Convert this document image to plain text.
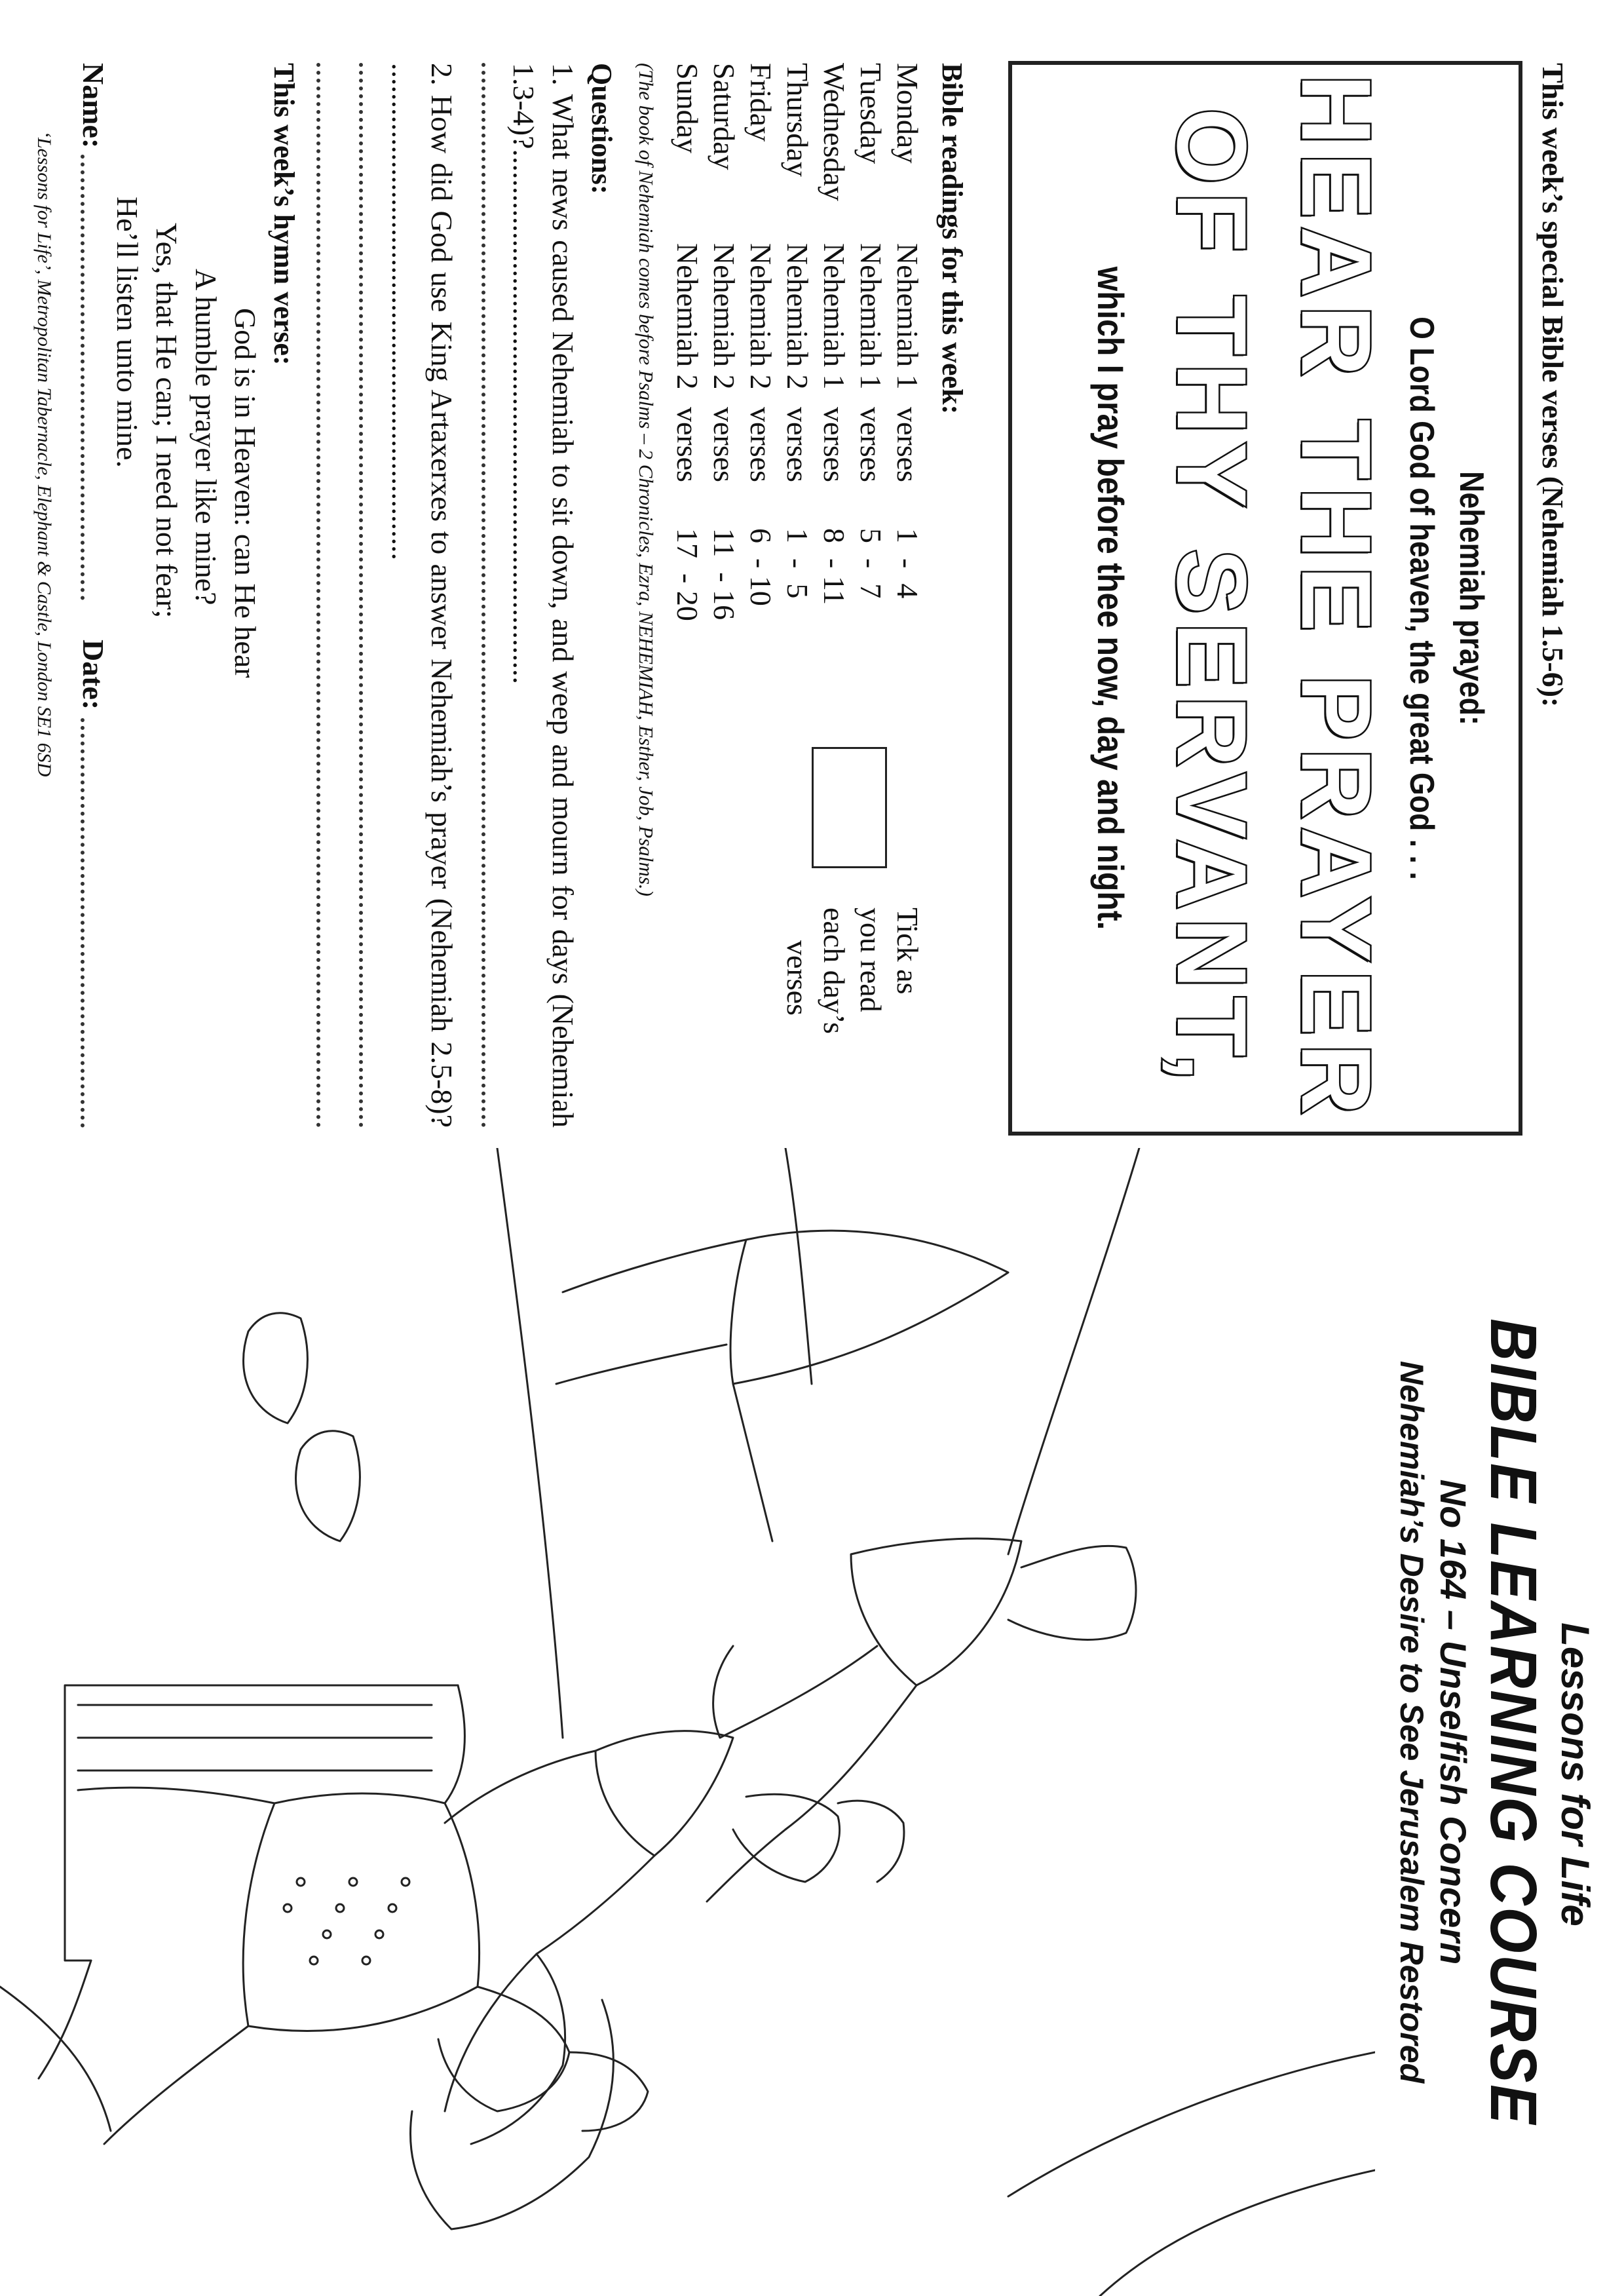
This week’s special Bible verses (Nehemiah 1.5-6):
Nehemiah prayed:
O Lord God of heaven, the great God . . .
HEAR THE PRAYER
OF THY SERVANT,
which I pray before thee now, day and night.
Bible readings for this week:
Monday	Nehemiah 1	verses	1  -  4
Tuesday	Nehemiah 1	verses	5  -  7
Wednesday	Nehemiah 1	verses	8  - 11
Thursday	Nehemiah 2	verses	1  -  5
Friday	Nehemiah 2	verses	6  - 10
Saturday	Nehemiah 2	verses	11  - 16
Sunday	Nehemiah 2	verses	17  - 20
Tick as
you read
each day’s
verses
(The book of Nehemiah comes before Psalms – 2 Chronicles, Ezra, NEHEMIAH, Esther, Job, Psalms.)
Questions:
1. What news caused Nehemiah to sit down, and weep and mourn for days (Nehemiah 1.3-4)?.......................................................................
2. How did God use King Artaxerxes to answer Nehemiah’s prayer (Nehemiah 2.5-8)? ..................................................................
This week’s hymn verse:
God is in Heaven: can He hear
A humble prayer like mine?
Yes, that He can; I need not fear;
He’ll listen unto mine.
Name:
Date:
‘Lessons for Life’, Metropolitan Tabernacle, Elephant & Castle, London SE1 6SD
Lessons for Life
BIBLE LEARNING COURSE
No 164 – Unselfish Concern
Nehemiah’s Desire to See Jerusalem Restored
